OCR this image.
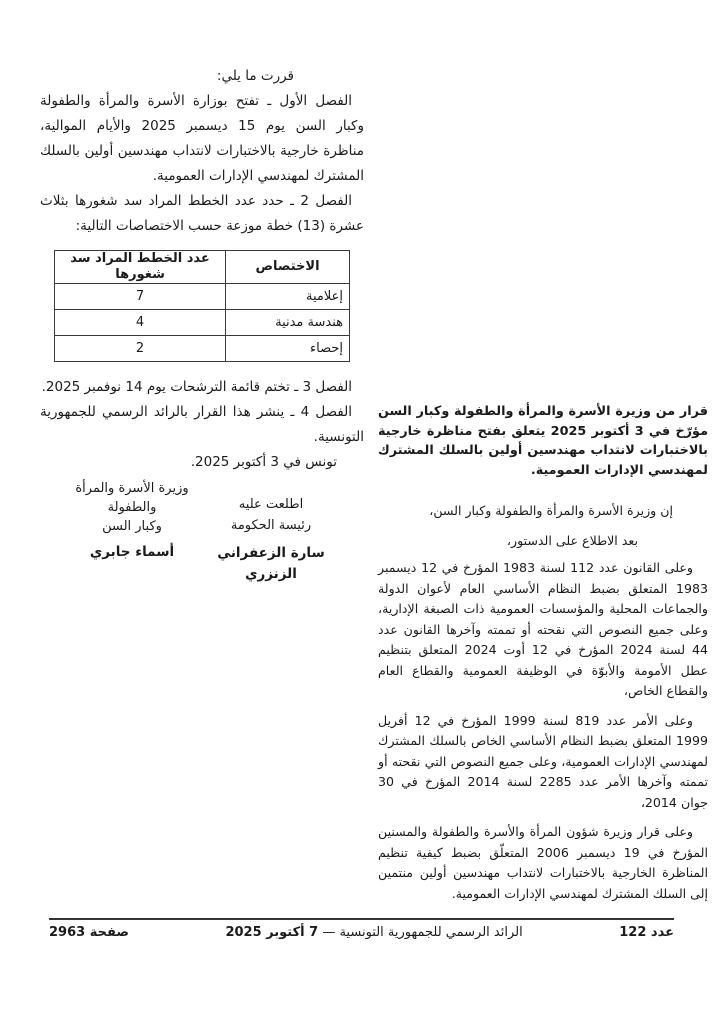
قررت ما يلي:

الفصل الأول ـ تفتح بوزارة الأسرة والمرأة والطفولة وكبار السن يوم 15 ديسمبر 2025 والأيام الموالية، مناظرة خارجية بالاختبارات لانتداب مهندسين أولين بالسلك المشترك لمهندسي الإدارات العمومية.

الفصل 2 ـ حدد عدد الخطط المراد سد شغورها بثلاث عشرة (13) خطة موزعة حسب الاختصاصات التالية:

الاختصاص	عدد الخطط المراد سد شغورها
إعلامية	7
هندسة مدنية	4
إحصاء	2

الفصل 3 ـ تختم قائمة الترشحات يوم 14 نوفمبر 2025.

الفصل 4 ـ ينشر هذا القرار بالرائد الرسمي للجمهورية التونسية.

تونس في 3 أكتوبر 2025.

وزيرة الأسرة والمرأة والطفولة
وكبار السن
أسماء جابري
اطلعت عليه
رئيسة الحكومة
سارة الزعفراني الزنزري

قرار من وزيرة الأسرة والمرأة والطفولة وكبار السن مؤرّخ في 3 أكتوبر 2025 يتعلق بفتح مناظرة خارجية بالاختبارات لانتداب مهندسين أولين بالسلك المشترك لمهندسي الإدارات العمومية.

إن وزيرة الأسرة والمرأة والطفولة وكبار السن،

بعد الاطلاع على الدستور،

وعلى القانون عدد 112 لسنة 1983 المؤرخ في 12 ديسمبر 1983 المتعلق بضبط النظام الأساسي العام لأعوان الدولة والجماعات المحلية والمؤسسات العمومية ذات الصبغة الإدارية، وعلى جميع النصوص التي نقحته أو تممته وآخرها القانون عدد 44 لسنة 2024 المؤرخ في 12 أوت 2024 المتعلق بتنظيم عطل الأمومة والأبوّة في الوظيفة العمومية والقطاع العام والقطاع الخاص،

وعلى الأمر عدد 819 لسنة 1999 المؤرخ في 12 أفريل 1999 المتعلق بضبط النظام الأساسي الخاص بالسلك المشترك لمهندسي الإدارات العمومية، وعلى جميع النصوص التي نقحته أو تممته وآخرها الأمر عدد 2285 لسنة 2014 المؤرخ في 30 جوان 2014،

وعلى قرار وزيرة شؤون المرأة والأسرة والطفولة والمسنين المؤرخ في 19 ديسمبر 2006 المتعلّق بضبط كيفية تنظيم المناظرة الخارجية بالاختبارات لانتداب مهندسين أولين منتمين إلى السلك المشترك لمهندسي الإدارات العمومية.

عدد 122
الرائد الرسمي للجمهورية التونسية — 7 أكتوبر 2025
صفحة 2963
